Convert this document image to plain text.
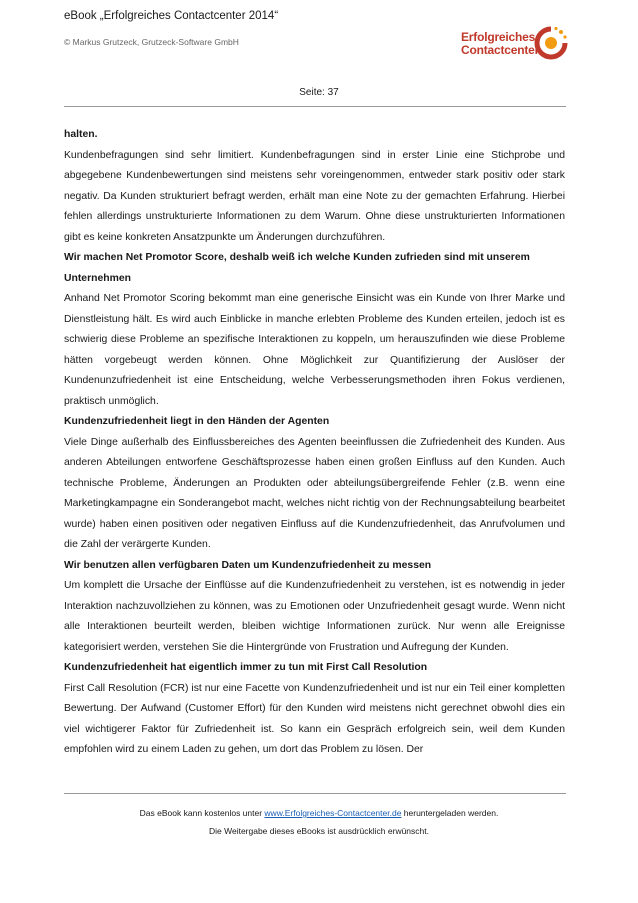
eBook „Erfolgreiches Contactcenter 2014“
© Markus Grutzeck, Grutzeck-Software GmbH	Erfolgreiches
Contactcenter
Seite: 37
halten.

Kundenbefragungen sind sehr limitiert. Kundenbefragungen sind in erster Linie eine Stichprobe und abgegebene Kundenbewertungen sind meistens sehr voreingenommen, entweder stark positiv oder stark negativ. Da Kunden strukturiert befragt werden, erhält man eine Note zu der gemachten Erfahrung. Hierbei fehlen allerdings unstrukturierte Informationen zu dem Warum. Ohne diese unstrukturierten Informationen gibt es keine konkreten Ansatzpunkte um Änderungen durchzuführen.

Wir machen Net Promotor Score, deshalb weiß ich welche Kunden zufrieden sind mit unserem Unternehmen

Anhand Net Promotor Scoring bekommt man eine generische Einsicht was ein Kunde von Ihrer Marke und Dienstleistung hält. Es wird auch Einblicke in manche erlebten Probleme des Kunden erteilen, jedoch ist es schwierig diese Probleme an spezifische Interaktionen zu koppeln, um herauszufinden wie diese Probleme hätten vorgebeugt werden können. Ohne Möglichkeit zur Quantifizierung der Auslöser der Kundenunzufriedenheit ist eine Entscheidung, welche Verbesserungsmethoden ihren Fokus verdienen, praktisch unmöglich.

Kundenzufriedenheit liegt in den Händen der Agenten

Viele Dinge außerhalb des Einflussbereiches des Agenten beeinflussen die Zufriedenheit des Kunden. Aus anderen Abteilungen entworfene Geschäftsprozesse haben einen großen Einfluss auf den Kunden. Auch technische Probleme, Änderungen an Produkten oder abteilungsübergreifende Fehler (z.B. wenn eine Marketingkampagne ein Sonderangebot macht, welches nicht richtig von der Rechnungsabteilung bearbeitet wurde) haben einen positiven oder negativen Einfluss auf die Kundenzufriedenheit, das Anrufvolumen und die Zahl der verärgerte Kunden.

Wir benutzen allen verfügbaren Daten um Kundenzufriedenheit zu messen

Um komplett die Ursache der Einflüsse auf die Kundenzufriedenheit zu verstehen, ist es notwendig in jeder Interaktion nachzuvollziehen zu können, was zu Emotionen oder Unzufriedenheit gesagt wurde. Wenn nicht alle Interaktionen beurteilt werden, bleiben wichtige Informationen zurück. Nur wenn alle Ereignisse kategorisiert werden, verstehen Sie die Hintergründe von Frustration und Aufregung der Kunden.

Kundenzufriedenheit hat eigentlich immer zu tun mit First Call Resolution

First Call Resolution (FCR) ist nur eine Facette von Kundenzufriedenheit und ist nur ein Teil einer kompletten Bewertung. Der Aufwand (Customer Effort) für den Kunden wird meistens nicht gerechnet obwohl dies ein viel wichtigerer Faktor für Zufriedenheit ist. So kann ein Gespräch erfolgreich sein, weil dem Kunden empfohlen wird zu einem Laden zu gehen, um dort das Problem zu lösen. Der

Das eBook kann kostenlos unter www.Erfolgreiches-Contactcenter.de heruntergeladen werden.
Die Weitergabe dieses eBooks ist ausdrücklich erwünscht.
